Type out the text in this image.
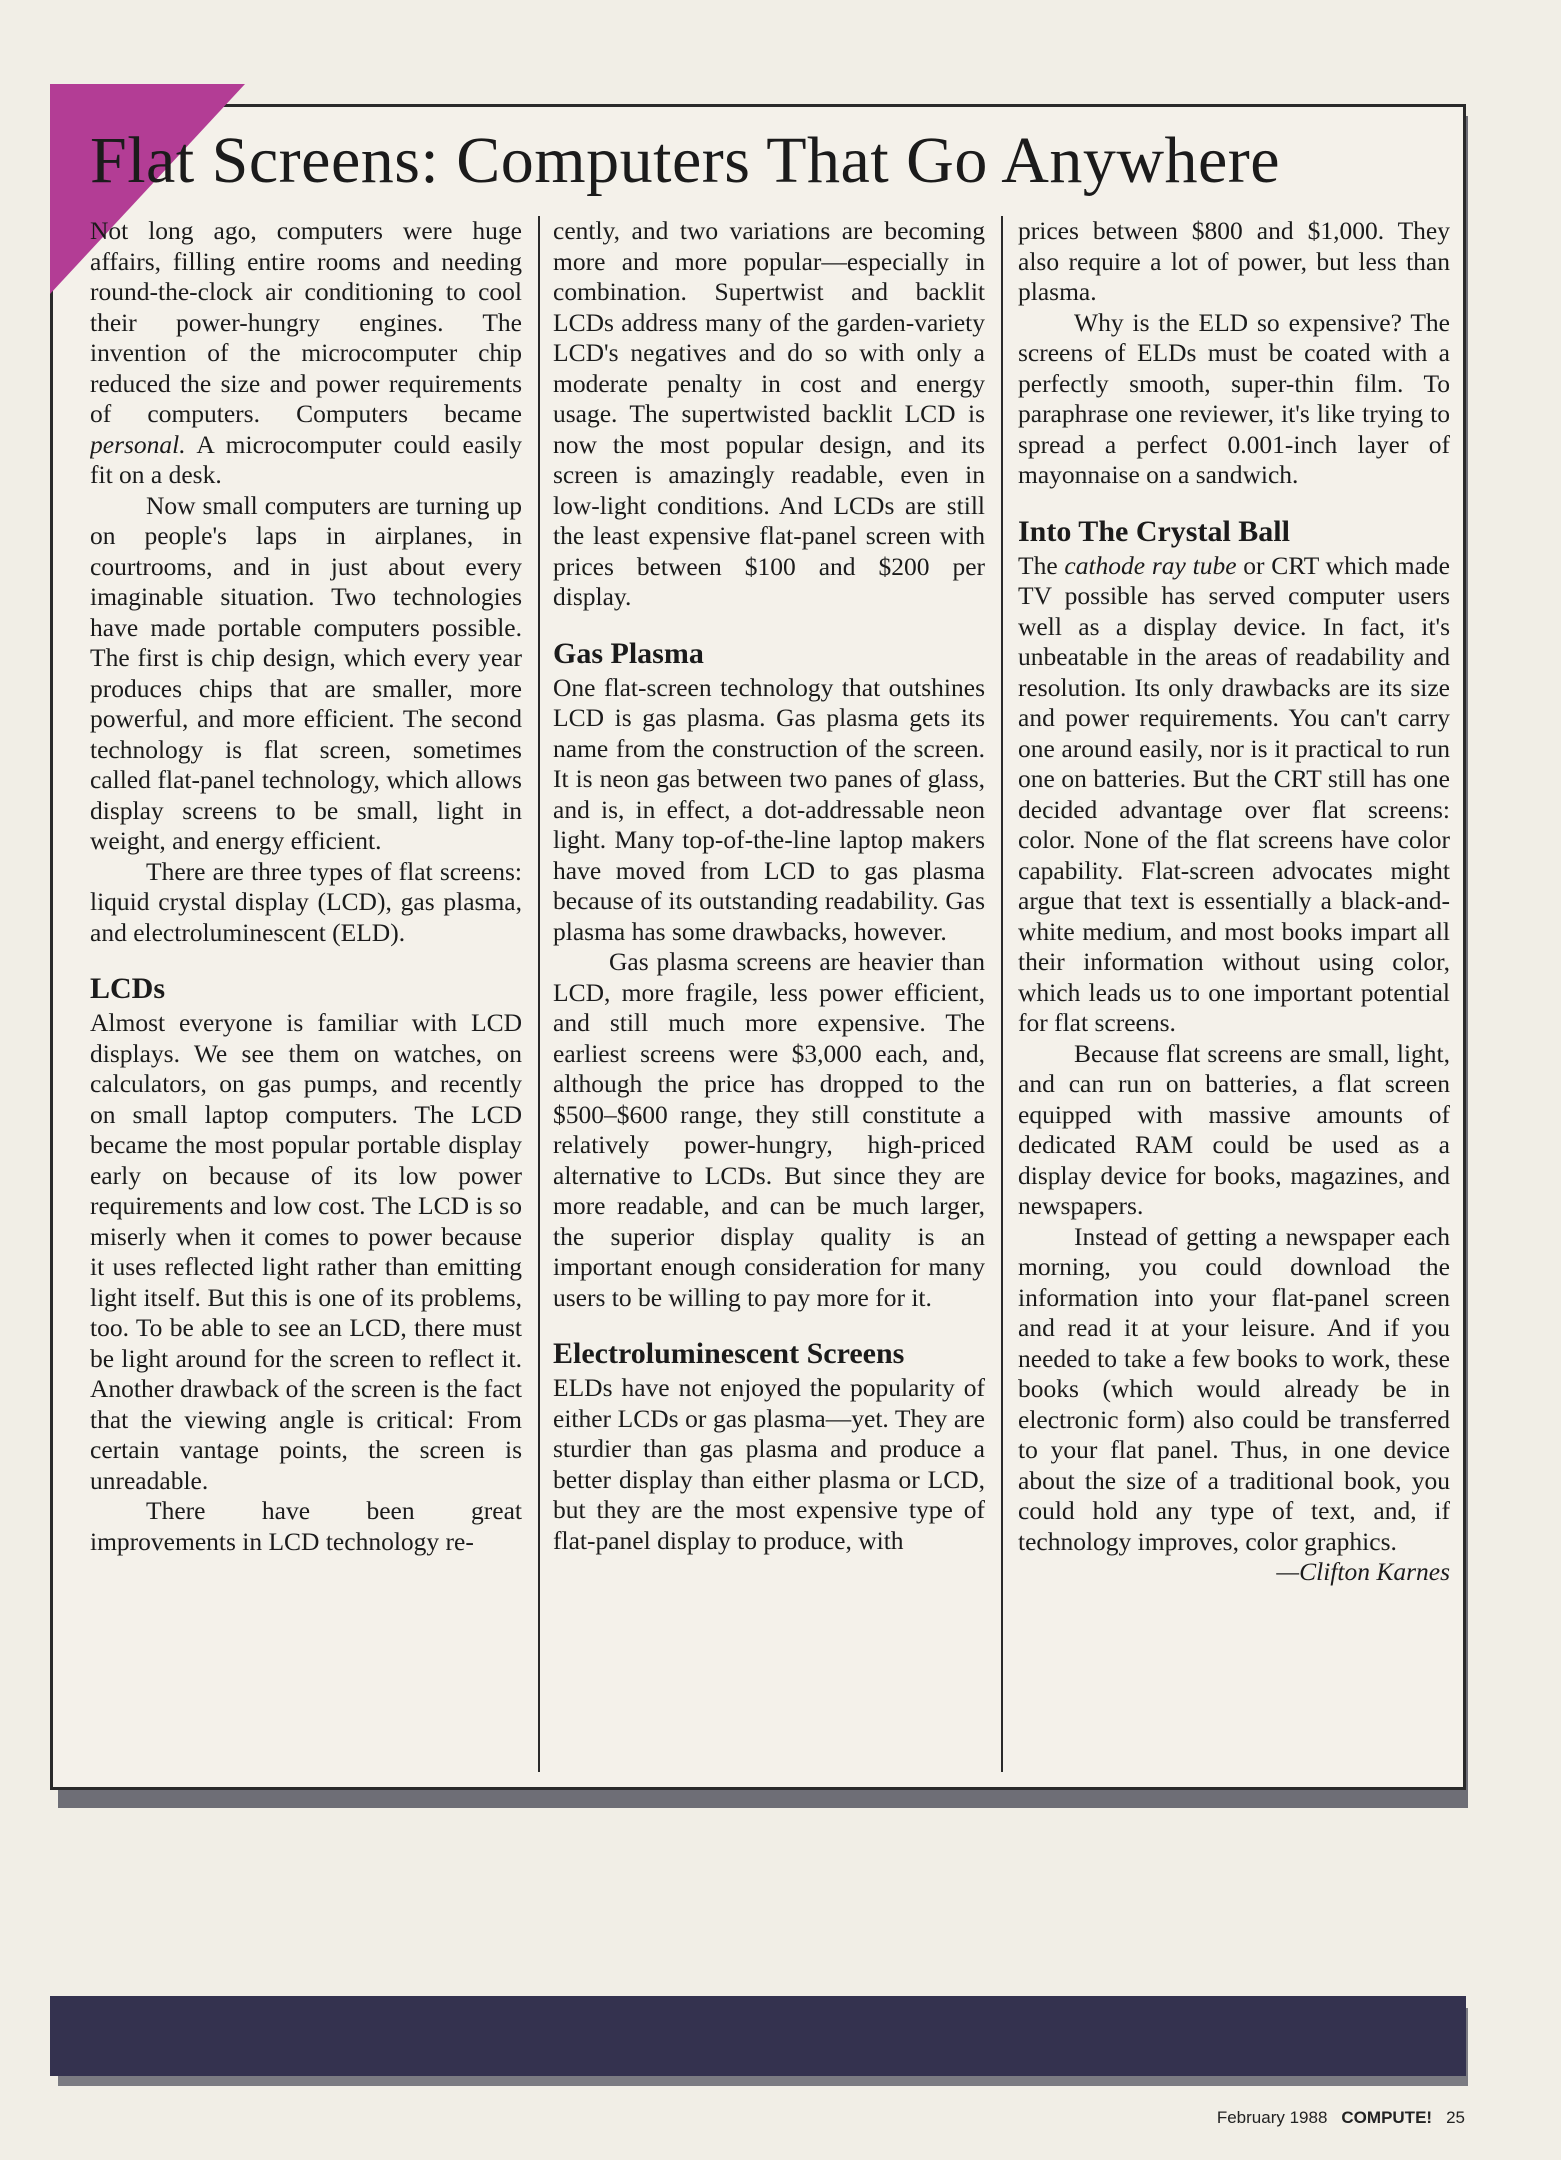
Flat Screens: Computers That Go Anywhere

Not long ago, computers were huge affairs, filling entire rooms and needing round-the-clock air conditioning to cool their power-hungry engines. The invention of the microcomputer chip reduced the size and power requirements of computers. Computers became personal. A microcomputer could easily fit on a desk.

Now small computers are turning up on people's laps in airplanes, in courtrooms, and in just about every imaginable situation. Two technologies have made portable computers possible. The first is chip design, which every year produces chips that are smaller, more powerful, and more efficient. The second technology is flat screen, sometimes called flat-panel technology, which allows display screens to be small, light in weight, and energy efficient.

There are three types of flat screens: liquid crystal display (LCD), gas plasma, and electroluminescent (ELD).

LCDs

Almost everyone is familiar with LCD displays. We see them on watches, on calculators, on gas pumps, and recently on small laptop computers. The LCD became the most popular portable display early on because of its low power requirements and low cost. The LCD is so miserly when it comes to power because it uses reflected light rather than emitting light itself. But this is one of its problems, too. To be able to see an LCD, there must be light around for the screen to reflect it. Another drawback of the screen is the fact that the viewing angle is critical: From certain vantage points, the screen is unreadable.

There have been great improvements in LCD technology re-

cently, and two variations are becoming more and more popular—especially in combination. Supertwist and backlit LCDs address many of the garden-variety LCD's negatives and do so with only a moderate penalty in cost and energy usage. The supertwisted backlit LCD is now the most popular design, and its screen is amazingly readable, even in low-light conditions. And LCDs are still the least expensive flat-panel screen with prices between $100 and $200 per display.

Gas Plasma

One flat-screen technology that outshines LCD is gas plasma. Gas plasma gets its name from the construction of the screen. It is neon gas between two panes of glass, and is, in effect, a dot-addressable neon light. Many top-of-the-line laptop makers have moved from LCD to gas plasma because of its outstanding readability. Gas plasma has some drawbacks, however.

Gas plasma screens are heavier than LCD, more fragile, less power efficient, and still much more expensive. The earliest screens were $3,000 each, and, although the price has dropped to the $500–$600 range, they still constitute a relatively power-hungry, high-priced alternative to LCDs. But since they are more readable, and can be much larger, the superior display quality is an important enough consideration for many users to be willing to pay more for it.

Electroluminescent Screens

ELDs have not enjoyed the popularity of either LCDs or gas plasma—yet. They are sturdier than gas plasma and produce a better display than either plasma or LCD, but they are the most expensive type of flat-panel display to produce, with

prices between $800 and $1,000. They also require a lot of power, but less than plasma.

Why is the ELD so expensive? The screens of ELDs must be coated with a perfectly smooth, super-thin film. To paraphrase one reviewer, it's like trying to spread a perfect 0.001-inch layer of mayonnaise on a sandwich.

Into The Crystal Ball

The cathode ray tube or CRT which made TV possible has served computer users well as a display device. In fact, it's unbeatable in the areas of readability and resolution. Its only drawbacks are its size and power requirements. You can't carry one around easily, nor is it practical to run one on batteries. But the CRT still has one decided advantage over flat screens: color. None of the flat screens have color capability. Flat-screen advocates might argue that text is essentially a black-and-white medium, and most books impart all their information without using color, which leads us to one important potential for flat screens.

Because flat screens are small, light, and can run on batteries, a flat screen equipped with massive amounts of dedicated RAM could be used as a display device for books, magazines, and newspapers.

Instead of getting a newspaper each morning, you could download the information into your flat-panel screen and read it at your leisure. And if you needed to take a few books to work, these books (which would already be in electronic form) also could be transferred to your flat panel. Thus, in one device about the size of a traditional book, you could hold any type of text, and, if technology improves, color graphics.

—Clifton Karnes

February 1988 COMPUTE! 25
